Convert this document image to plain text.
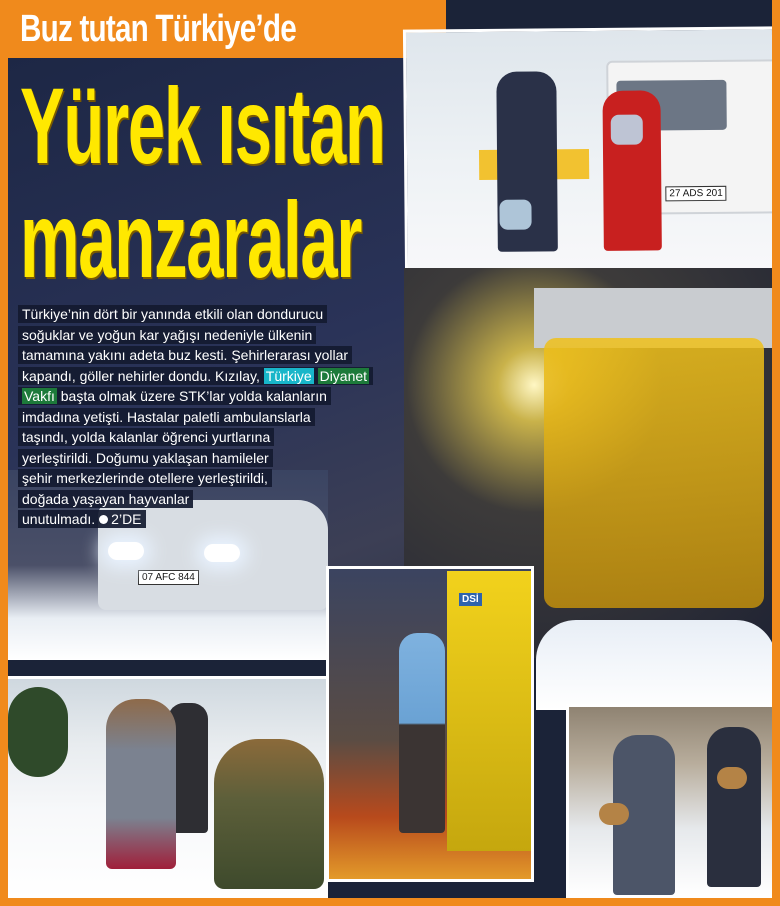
Buz tutan Türkiye’de
27 ADS 201
Yürek ısıtan
manzaralar
07 AFC 844
Türkiye’nin dört bir yanında etkili olan dondurucu
soğuklar ve yoğun kar yağışı nedeniyle ülkenin
tamamına yakını adeta buz kesti. Şehirlerarası yollar
kapandı, göller nehirler dondu. Kızılay, Türkiye Diyanet
Vakfı başta olmak üzere STK’lar yolda kalanların
imdadına yetişti. Hastalar paletli ambulanslarla
taşındı, yolda kalanlar öğrenci yurtlarına
yerleştirildi. Doğumu yaklaşan hamileler
şehir merkezlerinde otellere yerleştirildi,
doğada yaşayan hayvanlar
unutulmadı. 2’DE
DSİ
